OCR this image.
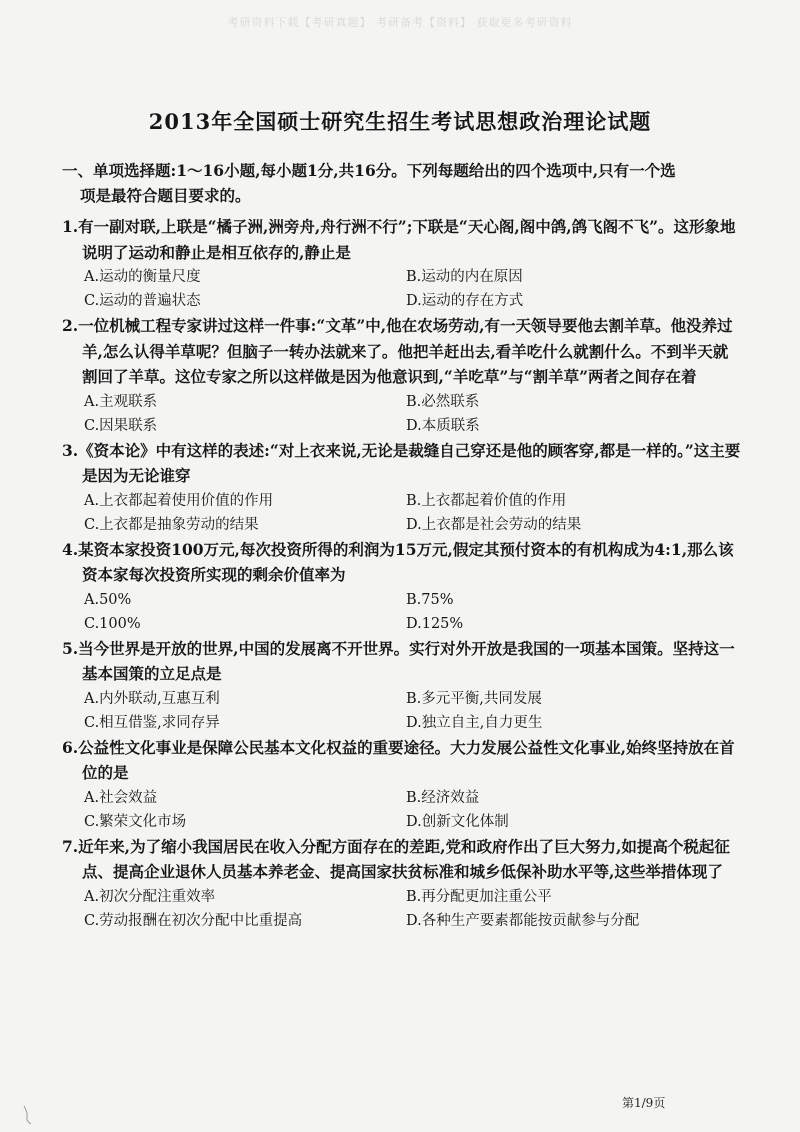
考研资料下载【考研真题】 考研备考【资料】 获取更多考研资料
2013年全国硕士研究生招生考试思想政治理论试题
一、单项选择题:1～16小题,每小题1分,共16分。下列每题给出的四个选项中,只有一个选
项是最符合题目要求的。
1.有一副对联,上联是“橘子洲,洲旁舟,舟行洲不行”;下联是“天心阁,阁中鸽,鸽飞阁不飞”。这形象地说明了运动和静止是相互依存的,静止是
A.运动的衡量尺度	B.运动的内在原因
C.运动的普遍状态	D.运动的存在方式
2.一位机械工程专家讲过这样一件事:“文革”中,他在农场劳动,有一天领导要他去割羊草。他没养过羊,怎么认得羊草呢？但脑子一转办法就来了。他把羊赶出去,看羊吃什么就割什么。不到半天就割回了羊草。这位专家之所以这样做是因为他意识到,“羊吃草”与“割羊草”两者之间存在着
A.主观联系	B.必然联系
C.因果联系	D.本质联系
3.《资本论》中有这样的表述:“对上衣来说,无论是裁缝自己穿还是他的顾客穿,都是一样的。”这主要是因为无论谁穿
A.上衣都起着使用价值的作用	B.上衣都起着价值的作用
C.上衣都是抽象劳动的结果	D.上衣都是社会劳动的结果
4.某资本家投资100万元,每次投资所得的利润为15万元,假定其预付资本的有机构成为4:1,那么该资本家每次投资所实现的剩余价值率为
A.50%	B.75%
C.100%	D.125%
5.当今世界是开放的世界,中国的发展离不开世界。实行对外开放是我国的一项基本国策。坚持这一基本国策的立足点是
A.内外联动,互惠互利	B.多元平衡,共同发展
C.相互借鉴,求同存异	D.独立自主,自力更生
6.公益性文化事业是保障公民基本文化权益的重要途径。大力发展公益性文化事业,始终坚持放在首位的是
A.社会效益	B.经济效益
C.繁荣文化市场	D.创新文化体制
7.近年来,为了缩小我国居民在收入分配方面存在的差距,党和政府作出了巨大努力,如提高个税起征点、提高企业退休人员基本养老金、提高国家扶贫标准和城乡低保补助水平等,这些举措体现了
A.初次分配注重效率	B.再分配更加注重公平
C.劳动报酬在初次分配中比重提高	D.各种生产要素都能按贡献参与分配
第1/9页
